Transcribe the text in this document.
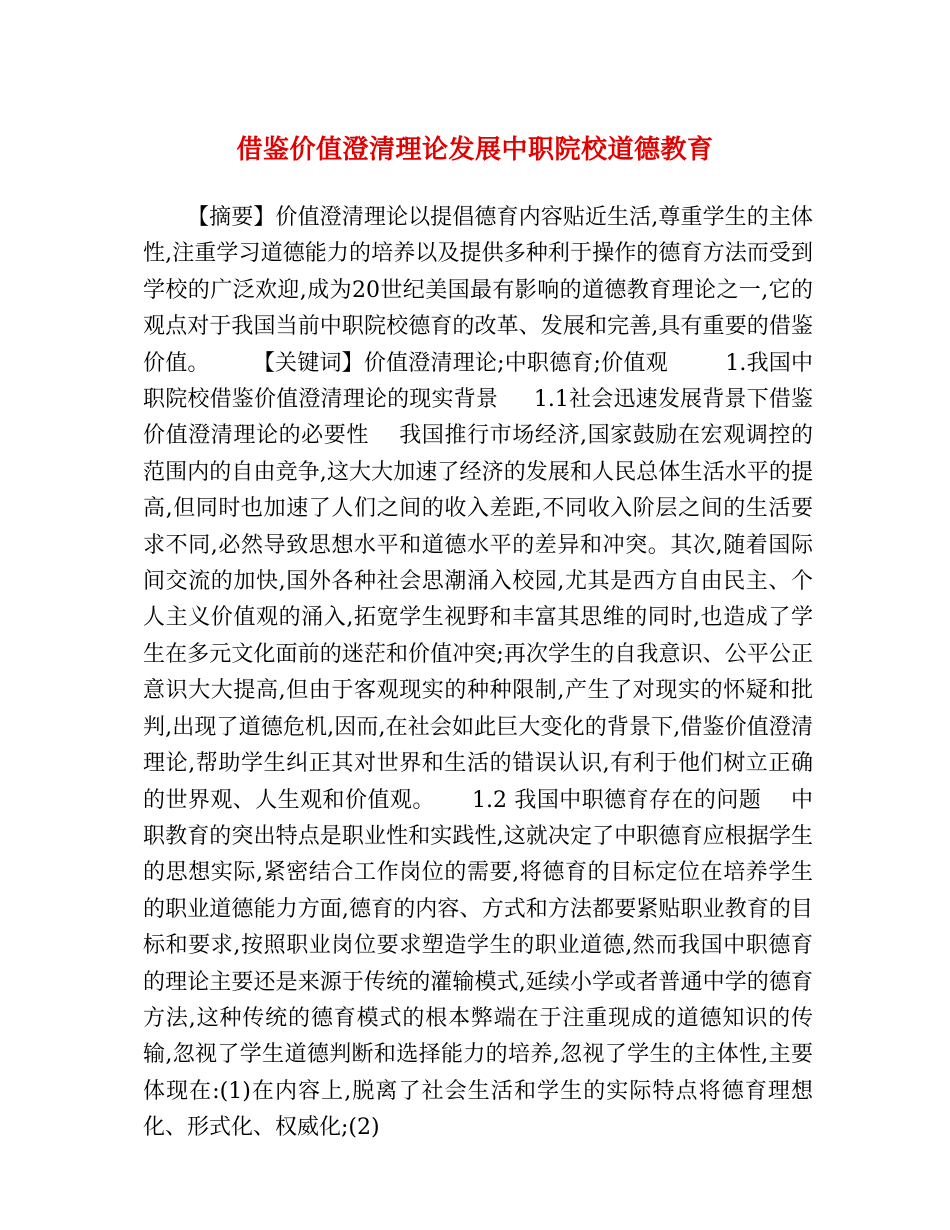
借鉴价值澄清理论发展中职院校道德教育

【摘要】价值澄清理论以提倡德育内容贴近生活,尊重学生的主体性,注重学习道德能力的培养以及提供多种利于操作的德育方法而受到学校的广泛欢迎,成为20世纪美国最有影响的道德教育理论之一,它的观点对于我国当前中职院校德育的改革、发展和完善,具有重要的借鉴价值。      【关键词】价值澄清理论;中职德育;价值观        1.我国中职院校借鉴价值澄清理论的现实背景     1.1社会迅速发展背景下借鉴价值澄清理论的必要性    我国推行市场经济,国家鼓励在宏观调控的范围内的自由竞争,这大大加速了经济的发展和人民总体生活水平的提高,但同时也加速了人们之间的收入差距,不同收入阶层之间的生活要求不同,必然导致思想水平和道德水平的差异和冲突。其次,随着国际间交流的加快,国外各种社会思潮涌入校园,尤其是西方自由民主、个人主义价值观的涌入,拓宽学生视野和丰富其思维的同时,也造成了学生在多元文化面前的迷茫和价值冲突;再次学生的自我意识、公平公正意识大大提高,但由于客观现实的种种限制,产生了对现实的怀疑和批判,出现了道德危机,因而,在社会如此巨大变化的背景下,借鉴价值澄清理论,帮助学生纠正其对世界和生活的错误认识,有利于他们树立正确的世界观、人生观和价值观。     1.2 我国中职德育存在的问题    中职教育的突出特点是职业性和实践性,这就决定了中职德育应根据学生的思想实际,紧密结合工作岗位的需要,将德育的目标定位在培养学生的职业道德能力方面,德育的内容、方式和方法都要紧贴职业教育的目标和要求,按照职业岗位要求塑造学生的职业道德,然而我国中职德育的理论主要还是来源于传统的灌输模式,延续小学或者普通中学的德育方法,这种传统的德育模式的根本弊端在于注重现成的道德知识的传输,忽视了学生道德判断和选择能力的培养,忽视了学生的主体性,主要体现在:(1)在内容上,脱离了社会生活和学生的实际特点将德育理想化、形式化、权威化;(2)
